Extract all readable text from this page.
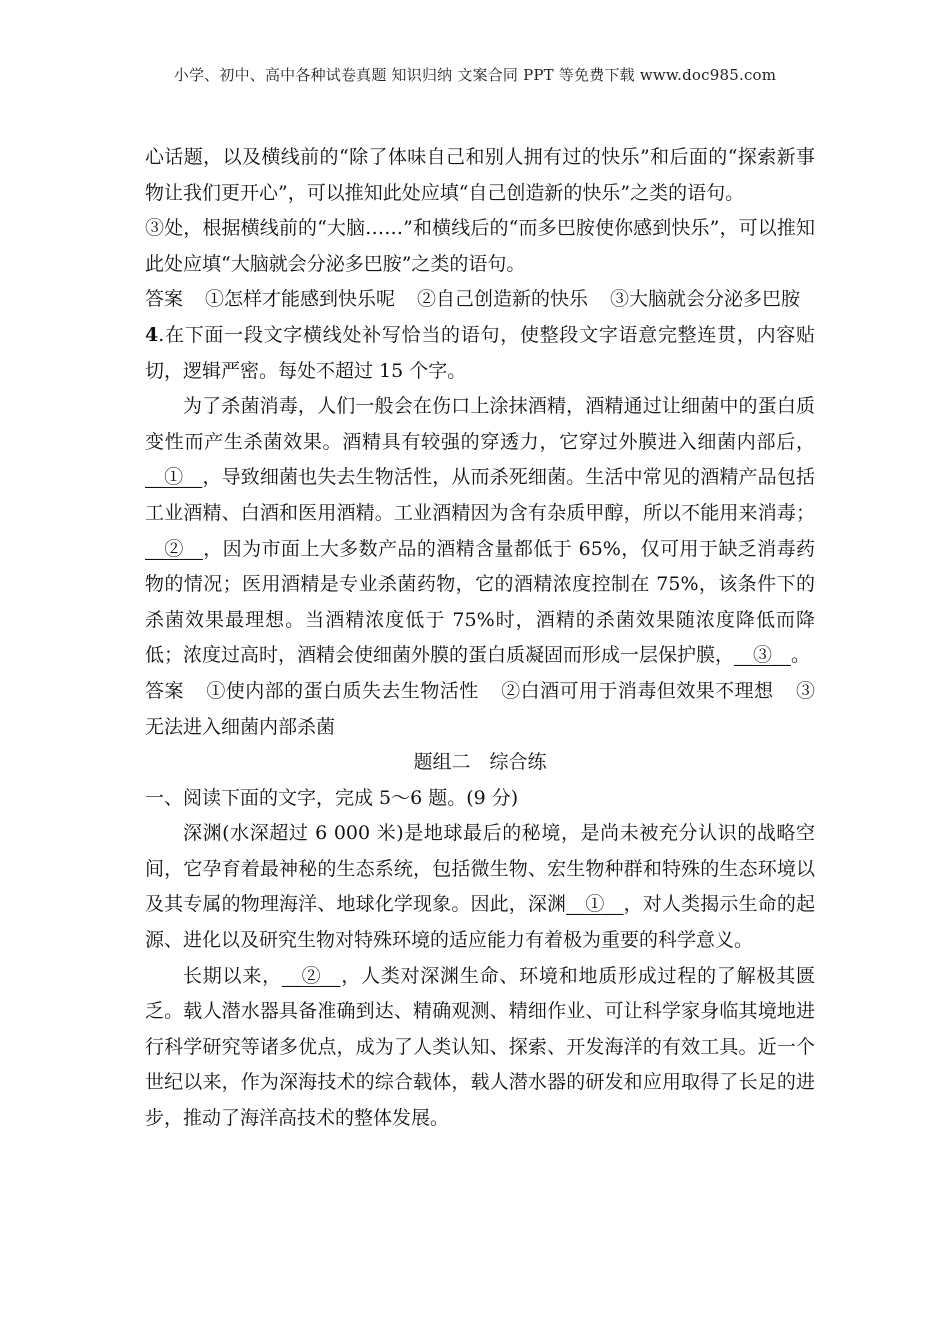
小学、初中、高中各种试卷真题 知识归纳 文案合同 PPT 等免费下载 www.doc985.com

心话题，以及横线前的“除了体味自己和别人拥有过的快乐”和后面的“探索新事物让我们更开心”，可以推知此处应填“自己创造新的快乐”之类的语句。

③处，根据横线前的“大脑……”和横线后的“而多巴胺使你感到快乐”，可以推知此处应填“大脑就会分泌多巴胺”之类的语句。

答案 ①怎样才能感到快乐呢 ②自己创造新的快乐 ③大脑就会分泌多巴胺

4.在下面一段文字横线处补写恰当的语句，使整段文字语意完整连贯，内容贴切，逻辑严密。每处不超过 15 个字。

为了杀菌消毒，人们一般会在伤口上涂抹酒精，酒精通过让细菌中的蛋白质变性而产生杀菌效果。酒精具有较强的穿透力，它穿过外膜进入细菌内部后，__①__，导致细菌也失去生物活性，从而杀死细菌。生活中常见的酒精产品包括工业酒精、白酒和医用酒精。工业酒精因为含有杂质甲醇，所以不能用来消毒；__②__，因为市面上大多数产品的酒精含量都低于 65%，仅可用于缺乏消毒药物的情况；医用酒精是专业杀菌药物，它的酒精浓度控制在 75%，该条件下的杀菌效果最理想。当酒精浓度低于 75%时，酒精的杀菌效果随浓度降低而降低；浓度过高时，酒精会使细菌外膜的蛋白质凝固而形成一层保护膜，__③__。

答案 ①使内部的蛋白质失去生物活性 ②白酒可用于消毒但效果不理想 ③无法进入细菌内部杀菌

题组二　综合练

一、阅读下面的文字，完成 5～6 题。(9 分)

深渊(水深超过 6 000 米)是地球最后的秘境，是尚未被充分认识的战略空间，它孕育着最神秘的生态系统，包括微生物、宏生物种群和特殊的生态环境以及其专属的物理海洋、地球化学现象。因此，深渊__①__，对人类揭示生命的起源、进化以及研究生物对特殊环境的适应能力有着极为重要的科学意义。

长期以来，__②__，人类对深渊生命、环境和地质形成过程的了解极其匮乏。载人潜水器具备准确到达、精确观测、精细作业、可让科学家身临其境地进行科学研究等诸多优点，成为了人类认知、探索、开发海洋的有效工具。近一个世纪以来，作为深海技术的综合载体，载人潜水器的研发和应用取得了长足的进步，推动了海洋高技术的整体发展。
